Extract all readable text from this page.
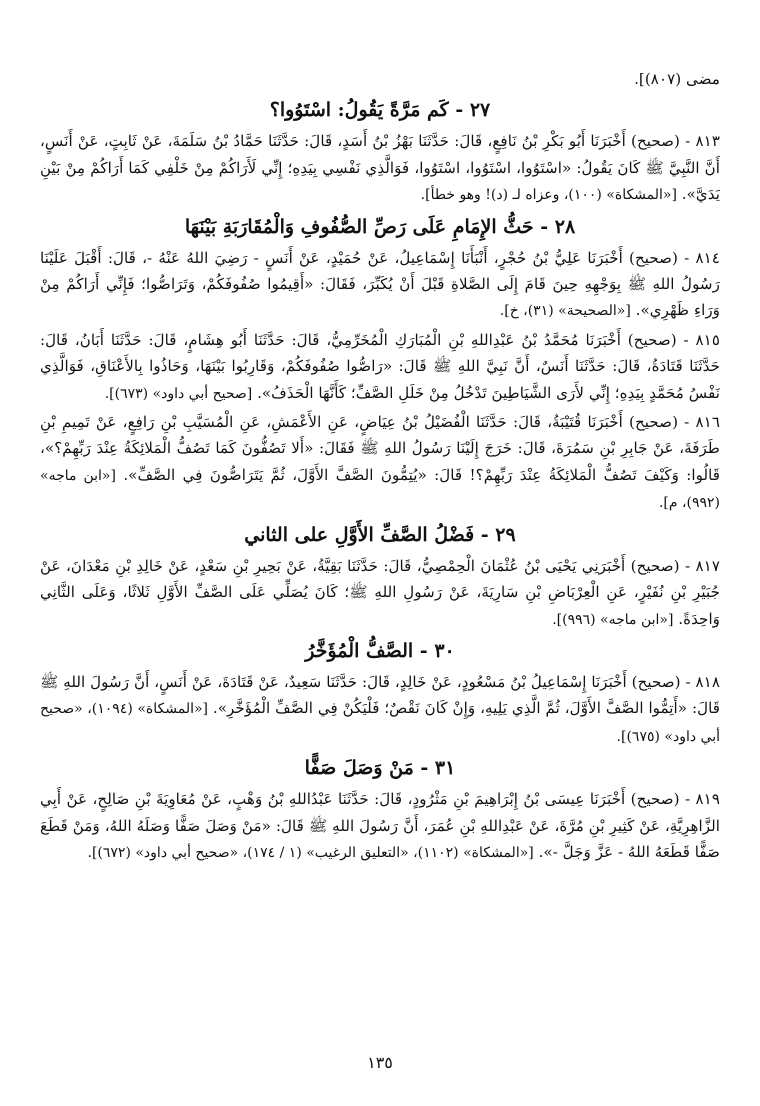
مضى (٨٠٧)].

٢٧ - كَم مَرَّةً يَقُولُ: اسْتَوُوا؟

٨١٣ - (صحيح) أَخْبَرَنَا أَبُو بَكْرِ بْنُ نَافِعٍ، قَالَ: حَدَّثَنَا بَهْزُ بْنُ أَسَدٍ، قَالَ: حَدَّثَنَا حَمَّادُ بْنُ سَلَمَةَ، عَنْ ثَابِتٍ، عَنْ أَنَسٍ، أَنَّ النَّبِيَّ ﷺ كَانَ يَقُولُ: «اسْتَوُوا، اسْتَوُوا، اسْتَوُوا، فَوَالَّذِي نَفْسِي بِيَدِهِ؛ إِنِّي لَأَرَاكُمْ مِنْ خَلْفِي كَمَا أَرَاكُمْ مِنْ بَيْنِ يَدَيَّ». [«المشكاة» (١٠٠)، وعزاه لـ (د)! وهو خطأ].

٢٨ - حَثُّ الإِمَامِ عَلَى رَصِّ الصُّفُوفِ وَالْمُقَارَبَةِ بَيْنَهَا

٨١٤ - (صحيح) أَخْبَرَنَا عَلِيُّ بْنُ حُجْرٍ، أَنْبَأَنَا إِسْمَاعِيلُ، عَنْ حُمَيْدٍ، عَنْ أَنَسٍ - رَضِيَ اللهُ عَنْهُ -، قَالَ: أَقْبَلَ عَلَيْنَا رَسُولُ اللهِ ﷺ بِوَجْهِهِ حِينَ قَامَ إِلَى الصَّلاةِ قَبْلَ أَنْ يُكَبِّرَ، فَقَالَ: «أَقِيمُوا صُفُوفَكُمْ، وَتَرَاصُّوا؛ فَإِنِّي أَرَاكُمْ مِنْ وَرَاءِ ظَهْرِي». [«الصحيحة» (٣١)، خ].

٨١٥ - (صحيح) أَخْبَرَنَا مُحَمَّدُ بْنُ عَبْدِاللهِ بْنِ الْمُبَارَكِ الْمُخَرِّمِيُّ، قَالَ: حَدَّثَنَا أَبُو هِشَامٍ، قَالَ: حَدَّثَنَا أَبَانُ، قَالَ: حَدَّثَنَا قَتَادَةُ، قَالَ: حَدَّثَنَا أَنَسٌ، أَنَّ نَبِيَّ اللهِ ﷺ قَالَ: «رَاصُّوا صُفُوفَكُمْ، وَقَارِبُوا بَيْنَهَا، وَحَاذُوا بِالأَعْنَاقِ، فَوَالَّذِي نَفْسُ مُحَمَّدٍ بِيَدِهِ؛ إِنِّي لأَرَى الشَّيَاطِينَ تَدْخُلُ مِنْ خَلَلِ الصَّفِّ؛ كَأَنَّهَا الْحَذَفُ». [صحيح أبي داود» (٦٧٣)].

٨١٦ - (صحيح) أَخْبَرَنَا قُتَيْبَةُ، قَالَ: حَدَّثَنَا الْفُضَيْلُ بْنُ عِيَاضٍ، عَنِ الأَعْمَشِ، عَنِ الْمُسَيَّبِ بْنِ رَافِعٍ، عَنْ تَمِيمِ بْنِ طَرَفَةَ، عَنْ جَابِرِ بْنِ سَمُرَةَ، قَالَ: خَرَجَ إِلَيْنَا رَسُولُ اللهِ ﷺ فَقَالَ: «أَلا تَصُفُّونَ كَمَا تَصُفُّ الْمَلائِكَةُ عِنْدَ رَبِّهِمْ؟»، قَالُوا: وَكَيْفَ تَصُفُّ الْمَلائِكَةُ عِنْدَ رَبِّهِمْ؟! قَالَ: «يُتِمُّونَ الصَّفَّ الأَوَّلَ، ثُمَّ يَتَرَاصُّونَ فِي الصَّفِّ». [«ابن ماجه» (٩٩٢)، م].

٢٩ - فَضْلُ الصَّفِّ الأَوَّلِ على الثاني

٨١٧ - (صحيح) أَخْبَرَنِي يَحْيَى بْنُ عُثْمَانَ الْحِمْصِيُّ، قَالَ: حَدَّثَنَا بَقِيَّةُ، عَنْ بَحِيرِ بْنِ سَعْدٍ، عَنْ خَالِدِ بْنِ مَعْدَانَ، عَنْ جُبَيْرِ بْنِ نُفَيْرٍ، عَنِ الْعِرْبَاضِ بْنِ سَارِيَةَ، عَنْ رَسُولِ اللهِ ﷺ؛ كَانَ يُصَلِّي عَلَى الصَّفِّ الأَوَّلِ ثَلاثًا، وَعَلَى الثَّانِي وَاحِدَةً. [«ابن ماجه» (٩٩٦)].

٣٠ - الصَّفُّ الْمُؤَخَّرُ

٨١٨ - (صحيح) أَخْبَرَنَا إِسْمَاعِيلُ بْنُ مَسْعُودٍ، عَنْ خَالِدٍ، قَالَ: حَدَّثَنَا سَعِيدٌ، عَنْ قَتَادَةَ، عَنْ أَنَسٍ، أَنَّ رَسُولَ اللهِ ﷺ قَالَ: «أَتِمُّوا الصَّفَّ الأَوَّلَ، ثُمَّ الَّذِي يَلِيهِ، وَإِنْ كَانَ نَقْصٌ؛ فَلْيَكُنْ فِي الصَّفِّ الْمُؤَخَّرِ». [«المشكاة» (١٠٩٤)، «صحيح أبي داود» (٦٧٥)].

٣١ - مَنْ وَصَلَ صَفًّا

٨١٩ - (صحيح) أَخْبَرَنَا عِيسَى بْنُ إِبْرَاهِيمَ بْنِ مَثْرُودٍ، قَالَ: حَدَّثَنَا عَبْدُاللهِ بْنُ وَهْبٍ، عَنْ مُعَاوِيَةَ بْنِ صَالِحٍ، عَنْ أَبِي الزَّاهِرِيَّةِ، عَنْ كَثِيرِ بْنِ مُرَّةَ، عَنْ عَبْدِاللهِ بْنِ عُمَرَ، أَنَّ رَسُولَ اللهِ ﷺ قَالَ: «مَنْ وَصَلَ صَفًّا وَصَلَهُ اللهُ، وَمَنْ قَطَعَ صَفًّا قَطَعَهُ اللهُ - عَزَّ وَجَلَّ -». [«المشكاة» (١١٠٢)، «التعليق الرغيب» (١ / ١٧٤)، «صحيح أبي داود» (٦٧٢)].

١٣٥
